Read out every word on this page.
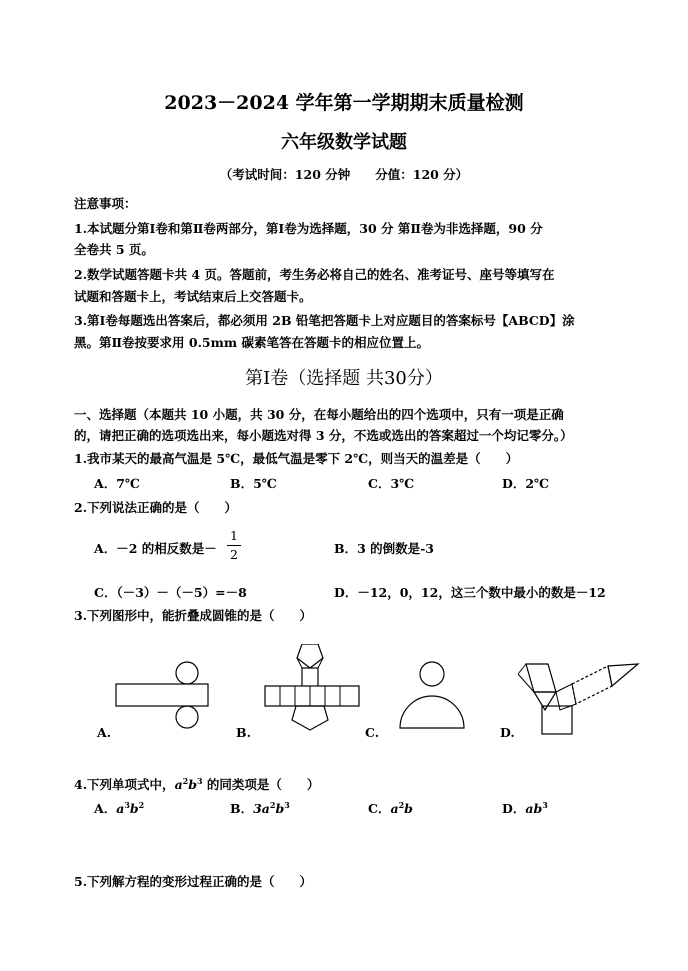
2023－2024 学年第一学期期末质量检测
六年级数学试题
（考试时间：120 分钟　　分值：120 分）
注意事项：
1.本试题分第Ⅰ卷和第Ⅱ卷两部分，第Ⅰ卷为选择题，30 分 第Ⅱ卷为非选择题，90 分
全卷共 5 页。
2.数学试题答题卡共 4 页。答题前，考生务必将自己的姓名、准考证号、座号等填写在
试题和答题卡上，考试结束后上交答题卡。
3.第Ⅰ卷每题选出答案后，都必须用 2B 铅笔把答题卡上对应题目的答案标号【ABCD】涂
黑。第Ⅱ卷按要求用 0.5mm 碳素笔答在答题卡的相应位置上。
第Ⅰ卷（选择题 共30分）
一、选择题（本题共 10 小题，共 30 分，在每小题给出的四个选项中，只有一项是正确
的，请把正确的选项选出来，每小题选对得 3 分，不选或选出的答案超过一个均记零分。）
1.我市某天的最高气温是 5℃，最低气温是零下 2℃，则当天的温差是（　　）
A．7℃	B．5℃	C．3℃	D．2℃
2.下列说法正确的是（　　）
A．－2 的相反数是－
1
2	B．3 的倒数是-3
C．（－3）－（－5）=－8	D．－12，0，12，这三个数中最小的数是－12
3.下列图形中，能折叠成圆锥的是（　　）
A.	B.	C.	D.
4.下列单项式中，$a^2b^3$ 的同类项是（　　）
A．$a^3b^2$	B．$3a^2b^3$	C．$a^2b$	D．$ab^3$
5.下列解方程的变形过程正确的是（　　）
